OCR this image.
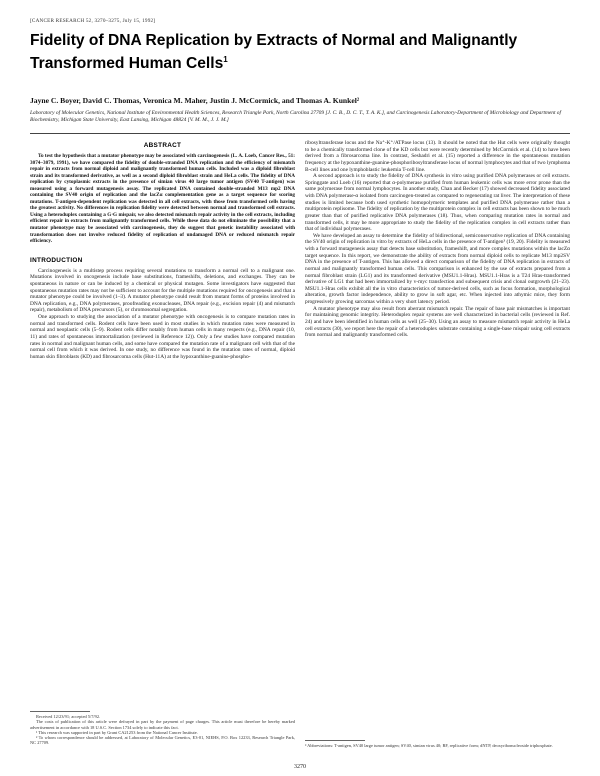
[CANCER RESEARCH 52, 3270–3275, July 15, 1992]
Fidelity of DNA Replication by Extracts of Normal and Malignantly Transformed Human Cells$^1$
Jayne C. Boyer, David C. Thomas, Veronica M. Maher, Justin J. McCormick, and Thomas A. Kunkel²
Laboratory of Molecular Genetics, National Institute of Environmental Health Sciences, Research Triangle Park, North Carolina 27709 [J. C. B., D. C. T., T. A. K.], and Carcinogenesis Laboratory-Department of Microbiology and Department of Biochemistry, Michigan State University, East Lansing, Michigan 48824 [V. M. M., J. J. M.]
ABSTRACT

To test the hypothesis that a mutator phenotype may be associated with carcinogenesis (L. A. Loeb, Cancer Res., 51: 3074–3079, 1991), we have compared the fidelity of double-stranded DNA replication and the efficiency of mismatch repair in extracts from normal diploid and malignantly transformed human cells. Included was a diploid fibroblast strain and its transformed derivative, as well as a second diploid fibroblast strain and HeLa cells. The fidelity of DNA replication by cytoplasmic extracts in the presence of simian virus 40 large tumor antigen (SV40 T-antigen) was measured using a forward mutagenesis assay. The replicated DNA contained double-stranded M13 mp2 DNA containing the SV40 origin of replication and the lacZα complementation gene as a target sequence for scoring mutations. T-antigen-dependent replication was detected in all cell extracts, with those from transformed cells having the greatest activity. No differences in replication fidelity were detected between normal and transformed cell extracts. Using a heteroduplex containing a G·G mispair, we also detected mismatch repair activity in the cell extracts, including efficient repair in extracts from malignantly transformed cells. While these data do not eliminate the possibility that a mutator phenotype may be associated with carcinogenesis, they do suggest that genetic instability associated with transformation does not involve reduced fidelity of replication of undamaged DNA or reduced mismatch repair efficiency.

INTRODUCTION

Carcinogenesis is a multistep process requiring several mutations to transform a normal cell to a malignant one. Mutations involved in oncogenesis include base substitutions, frameshifts, deletions, and exchanges. They can be spontaneous in nature or can be induced by a chemical or physical mutagen. Some investigators have suggested that spontaneous mutation rates may not be sufficient to account for the multiple mutations required for oncogenesis and that a mutator phenotype could be involved (1–3). A mutator phenotype could result from mutant forms of proteins involved in DNA replication, e.g., DNA polymerases, proofreading exonucleases, DNA repair (e.g., excision repair (4) and mismatch repair), metabolism of DNA precursors (5), or chromosomal segregation.

One approach to studying the association of a mutator phenotype with oncogenesis is to compare mutation rates in normal and transformed cells. Rodent cells have been used in most studies in which mutation rates were measured in normal and neoplastic cells (5–9). Rodent cells differ notably from human cells in many respects (e.g., DNA repair (10, 11) and rates of spontaneous immortalization (reviewed in Reference 12)). Only a few studies have compared mutation rates in normal and malignant human cells, and some have compared the mutation rate of a malignant cell with that of the normal cell from which it was derived. In one study, no difference was found in the mutation rates of normal, diploid human skin fibroblasts (KD) and fibrosarcoma cells (Hut-11A) at the hypoxanthine-guanine-phospho-

ribosyltransferase locus and the Na⁺-K⁺/ATPase locus (13). It should be noted that the Hut cells were originally thought to be a chemically transformed clone of the KD cells but were recently determined by McCormick et al. (14) to have been derived from a fibrosarcoma line. In contrast, Seshadri et al. (15) reported a difference in the spontaneous mutation frequency at the hypoxanthine-guanine-phosphoribosyltransferase locus of normal lymphocytes and that of two lymphoma B-cell lines and one lymphoblastic leukemia T-cell line.

A second approach is to study the fidelity of DNA synthesis in vitro using purified DNA polymerases or cell extracts. Springgate and Loeb (16) reported that α-polymerase purified from human leukemic cells was more error prone than the same polymerase from normal lymphocytes. In another study, Chan and Becker (17) showed decreased fidelity associated with DNA polymerase-α isolated from carcinogen-treated as compared to regenerating rat liver. The interpretation of these studies is limited because both used synthetic homopolymeric templates and purified DNA polymerase rather than a multiprotein replisome. The fidelity of replication by the multiprotein complex in cell extracts has been shown to be much greater than that of purified replicative DNA polymerases (18). Thus, when comparing mutation rates in normal and transformed cells, it may be more appropriate to study the fidelity of the replication complex in cell extracts rather than that of individual polymerases.

We have developed an assay to determine the fidelity of bidirectional, semiconservative replication of DNA containing the SV40 origin of replication in vitro by extracts of HeLa cells in the presence of T-antigen³ (19, 20). Fidelity is measured with a forward mutagenesis assay that detects base substitution, frameshift, and more complex mutations within the lacZα target sequence. In this report, we demonstrate the ability of extracts from normal diploid cells to replicate M13 mp2SV DNA in the presence of T-antigen. This has allowed a direct comparison of the fidelity of DNA replication in extracts of normal and malignantly transformed human cells. This comparison is enhanced by the use of extracts prepared from a normal fibroblast strain (LG1) and its transformed derivative (MSU1.1-Hras). MSU1.1-Hras is a T24 Hras-transformed derivative of LG1 that had been immortalized by v-myc transfection and subsequent crisis and clonal outgrowth (21–23). MSU1.1-Hras cells exhibit all the in vitro characteristics of tumor-derived cells, such as focus formation, morphological alteration, growth factor independence, ability to grow in soft agar, etc. When injected into athymic mice, they form progressively growing sarcomas within a very short latency period.

A mutator phenotype may also result from aberrant mismatch repair. The repair of base pair mismatches is important for maintaining genomic integrity. Heteroduplex repair systems are well characterized in bacterial cells (reviewed in Ref. 24) and have been identified in human cells as well (25–30). Using an assay to measure mismatch repair activity in HeLa cell extracts (30), we report here the repair of a heteroduplex substrate containing a single-base mispair using cell extracts from normal and malignantly transformed cells.

Received 12/23/91; accepted 5/7/92.

The costs of publication of this article were defrayed in part by the payment of page charges. This article must therefore be hereby marked advertisement in accordance with 18 U.S.C. Section 1734 solely to indicate this fact.

¹ This research was supported in part by Grant CA21253 from the National Cancer Institute.

² To whom correspondence should be addressed, at Laboratory of Molecular Genetics, E3-01, NIEHS, P.O. Box 12233, Research Triangle Park, NC 27709.

³ Abbreviations: T-antigen, SV40 large tumor antigen; SV40, simian virus 40; RF, replicative form; dNTP, deoxyribonucleoside triphosphate.

3270
